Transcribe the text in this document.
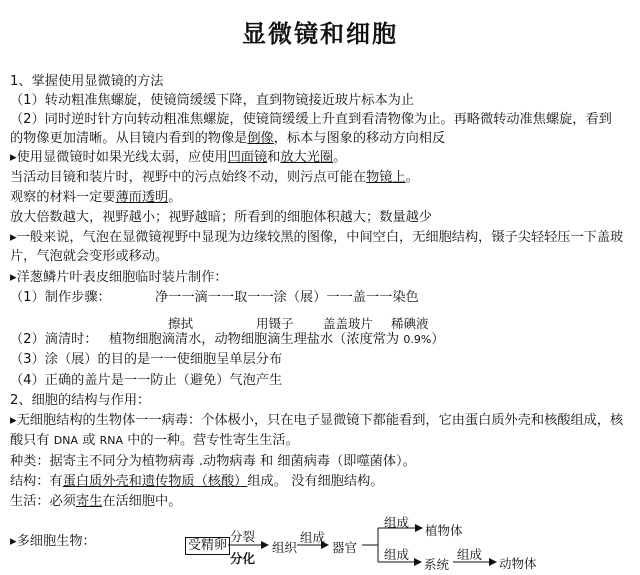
显微镜和细胞
1、掌握使用显微镜的方法
（1）转动粗准焦螺旋，使镜筒缓缓下降，直到物镜接近玻片标本为止
（2）同时逆时针方向转动粗准焦螺旋，使镜筒缓缓上升直到看清物像为止。再略微转动准焦螺旋，看到
的物像更加清晰。从目镜内看到的物像是倒像，标本与图象的移动方向相反
▸使用显微镜时如果光线太弱，应使用凹面镜和放大光圈。
当活动目镜和装片时，视野中的污点始终不动，则污点可能在物镜上。
观察的材料一定要薄而透明。
放大倍数越大，视野越小；视野越暗；所看到的细胞体积越大；数量越少
▸一般来说，气泡在显微镜视野中显现为边缘较黑的图像，中间空白，无细胞结构，镊子尖轻轻压一下盖玻
片，气泡就会变形或移动。
▸洋葱鳞片叶表皮细胞临时装片制作：
（1）制作步骤：	净一一滴一一取一一涂（展）一一盖一一染色
擦拭	用镊子 盖盖玻片 稀碘液
（2）滴清时： 植物细胞滴清水，动物细胞滴生理盐水（浓度常为 0.9%）
（3）涂（展）的目的是一一使细胞呈单层分布
（4）正确的盖片是一一防止（避免）气泡产生
2、细胞的结构与作用：
▸无细胞结构的生物体一一病毒：个体极小，只在电子显微镜下都能看到，它由蛋白质外壳和核酸组成，核
酸只有 DNA 或 RNA 中的一种。营专性寄生生活。
种类：据寄主不同分为植物病毒 .动物病毒 和 细菌病毒（即噬菌体）。
结构：有蛋白质外壳和遗传物质（核酸）组成。 没有细胞结构。
生活：必须寄生在活细胞中。
▸多细胞生物：	受精卵
分裂
分化
组织
组成
器官
组成
植物体
组成
系统
组成
动物体
